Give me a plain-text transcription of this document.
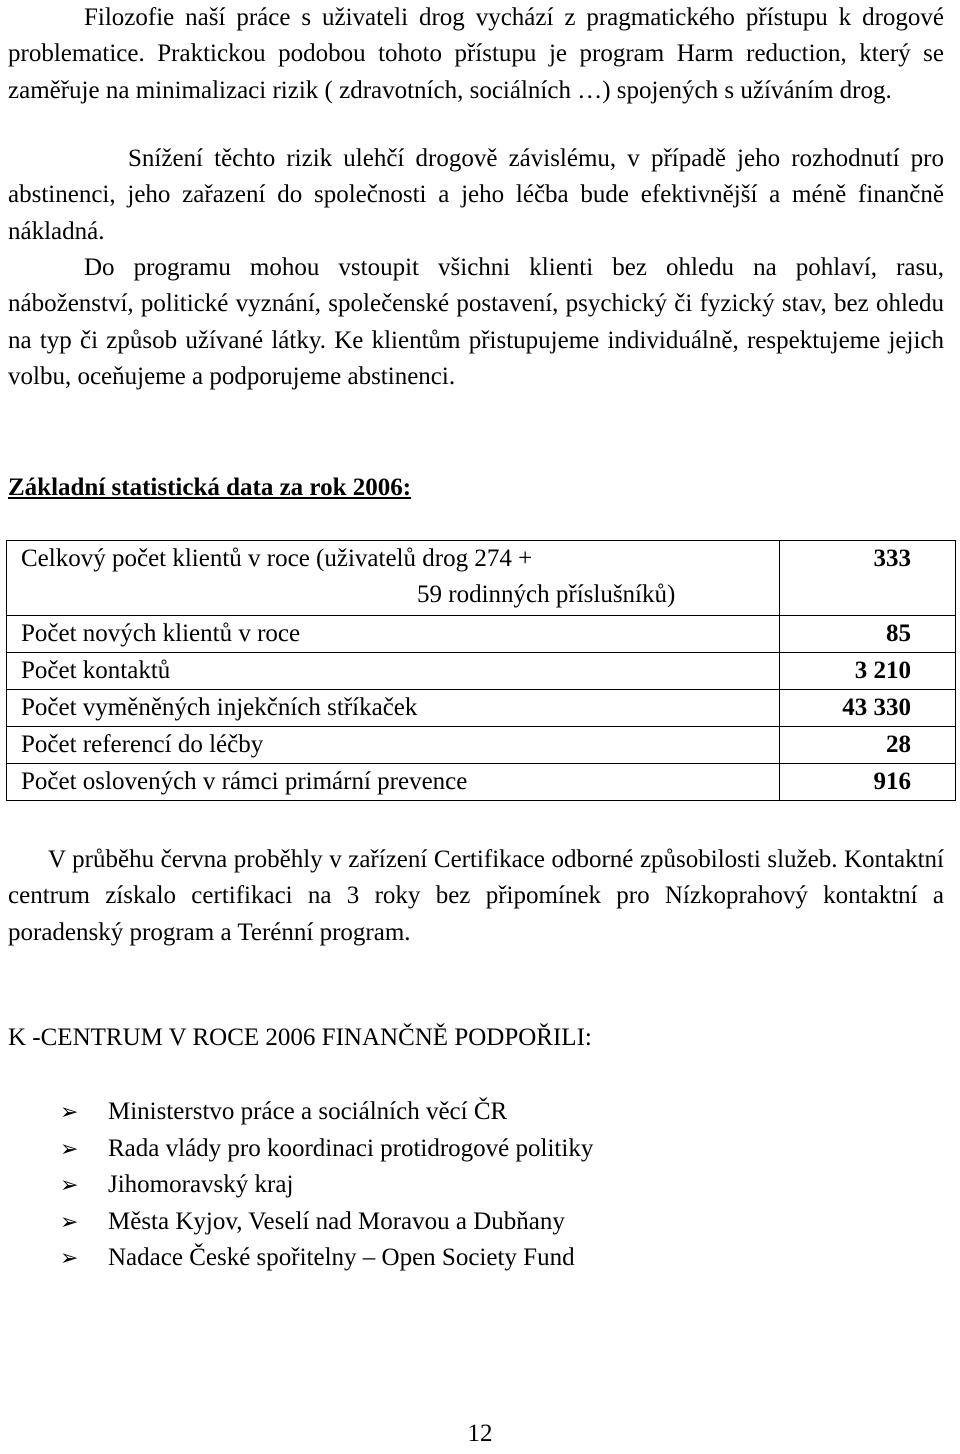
Filozofie naší práce s uživateli drog vychází z pragmatického přístupu k drogové problematice. Praktickou podobou tohoto přístupu je program Harm reduction, který se zaměřuje na minimalizaci rizik ( zdravotních, sociálních …) spojených s užíváním drog.

Snížení těchto rizik ulehčí drogově závislému, v případě jeho rozhodnutí pro abstinenci, jeho zařazení do společnosti a jeho léčba bude efektivnější a méně finančně nákladná.

Do programu mohou vstoupit všichni klienti bez ohledu na pohlaví, rasu, náboženství, politické vyznání, společenské postavení, psychický či fyzický stav, bez ohledu na typ či způsob užívané látky. Ke klientům přistupujeme individuálně, respektujeme jejich volbu, oceňujeme a podporujeme abstinenci.

Základní statistická data za rok 2006:
Celkový počet klientů v roce (uživatelů drog 274 +
59 rodinných příslušníků)	333
Počet nových klientů v roce	85
Počet kontaktů	3 210
Počet vyměněných injekčních stříkaček	43 330
Počet referencí do léčby	28
Počet oslovených v rámci primární prevence	916

V průběhu června proběhly v zařízení Certifikace odborné způsobilosti služeb. Kontaktní centrum získalo certifikaci na 3 roky bez připomínek pro Nízkoprahový kontaktní a poradenský program a Terénní program.

K -CENTRUM V ROCE 2006 FINANČNĚ PODPOŘILI:

➢ Ministerstvo práce a sociálních věcí ČR
➢ Rada vlády pro koordinaci protidrogové politiky
➢ Jihomoravský kraj
➢ Města Kyjov, Veselí nad Moravou a Dubňany
➢ Nadace České spořitelny – Open Society Fund
12
